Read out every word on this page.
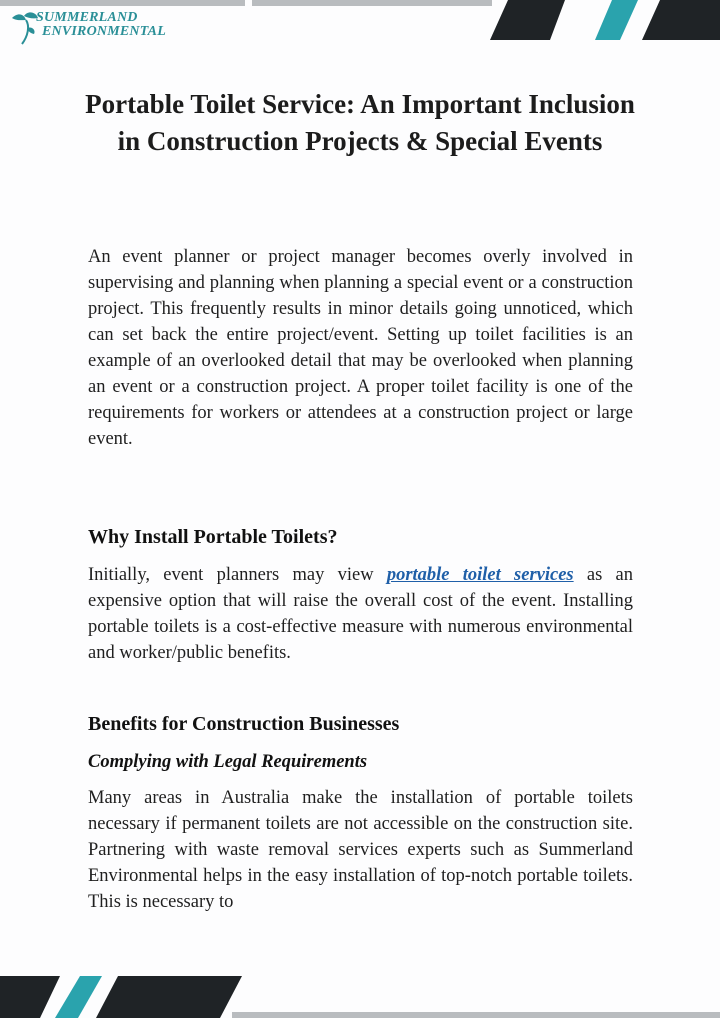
SUMMERLAND
ENVIRONMENTAL
Portable Toilet Service: An Important Inclusion in Construction Projects & Special Events

An event planner or project manager becomes overly involved in supervising and planning when planning a special event or a construction project. This frequently results in minor details going unnoticed, which can set back the entire project/event. Setting up toilet facilities is an example of an overlooked detail that may be overlooked when planning an event or a construction project. A proper toilet facility is one of the requirements for workers or attendees at a construction project or large event.

Why Install Portable Toilets?

Initially, event planners may view portable toilet services as an expensive option that will raise the overall cost of the event. Installing portable toilets is a cost-effective measure with numerous environmental and worker/public benefits.

Benefits for Construction Businesses
Complying with Legal Requirements

Many areas in Australia make the installation of portable toilets necessary if permanent toilets are not accessible on the construction site. Partnering with waste removal services experts such as Summerland Environmental helps in the easy installation of top-notch portable toilets. This is necessary to
